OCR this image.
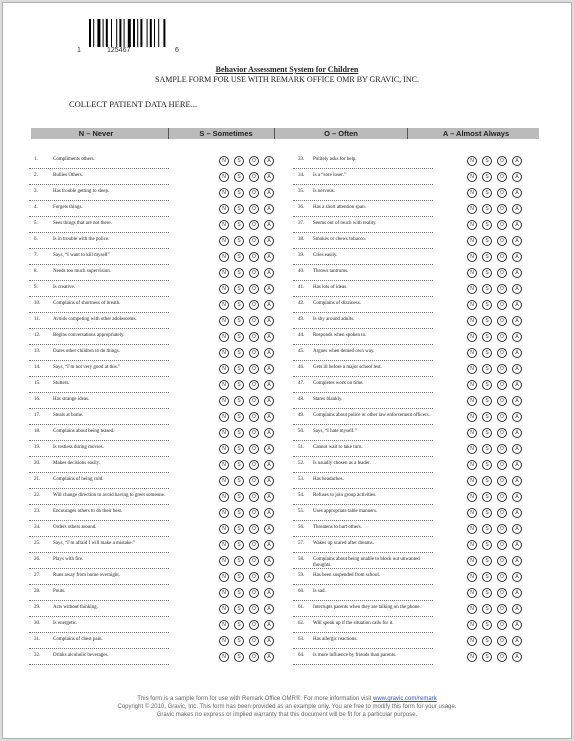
1	125467	6
Behavior Assessment System for Children
SAMPLE FORM FOR USE WITH REMARK OFFICE OMR BY GRAVIC, INC.
COLLECT PATIENT DATA HERE...
N – Never	S – Sometimes	O – Often	A – Almost Always
1.	Compliments others.	N	S	O	A
2.	Bullies Others.	N	S	O	A
3.	Has trouble getting to sleep.	N	S	O	A
4.	Forgets things.	N	S	O	A
5.	Sees things that are not there.	N	S	O	A
6.	Is in trouble with the police.	N	S	O	A
7.	Says, “I want to kill myself”	N	S	O	A
8.	Needs too much supervision.	N	S	O	A
9.	Is creative.	N	S	O	A
10.	Complains of shortness of breath.	N	S	O	A
11.	Avoids competing with other adolescents.	N	S	O	A
12.	Begins conversations appropriately.	N	S	O	A
13.	Dares other children to do things.	N	S	O	A
14.	Says, “I’m not very good at this.”	N	S	O	A
15.	Stutters.	N	S	O	A
16.	Has strange ideas.	N	S	O	A
17.	Steals at home.	N	S	O	A
18.	Complains about being teased.	N	S	O	A
19.	Is restless during movies.	N	S	O	A
20.	Makes decisions easily.	N	S	O	A
21.	Complains of being cold.	N	S	O	A
22.	Will change direction to avoid having to greet someone.	N	S	O	A
23.	Encourages others to do their best.	N	S	O	A
24.	Orders others around.	N	S	O	A
25.	Says, “I’m afraid I will make a mistake.”	N	S	O	A
26.	Plays with fire.	N	S	O	A
27.	Runs away from home overnight.	N	S	O	A
28.	Pouts.	N	S	O	A
29.	Acts without thinking.	N	S	O	A
30.	Is energetic.	N	S	O	A
31.	Complains of chest pain.	N	S	O	A
32.	Drinks alcoholic beverages.	N	S	O	A
33. Politely asks for help.	N	S	O	A
34. Is a “sore loser.”	N	S	O	A
35. Is nervous.	N	S	O	A
36. Has a short attention span.	N	S	O	A
37. Seems out of touch with reality.	N	S	O	A
38. Smokes or chews tobacco.	N	S	O	A
39. Cries easily.	N	S	O	A
40. Throws tantrums.	N	S	O	A
41. Has lots of ideas.	N	S	O	A
42. Complains of dizziness.	N	S	O	A
43. Is shy around adults.	N	S	O	A
44. Responds when spoken to.	N	S	O	A
45. Argues when denied own way.	N	S	O	A
46. Gets ill before a major school test.	N	S	O	A
47. Completes work on time.	N	S	O	A
48. Stares blankly.	N	S	O	A
49. Complains about police or other law enforcement officers.	N	S	O	A
50. Says, “I hate myself.”	N	S	O	A
51. Cannot wait to take turn.	N	S	O	A
52. Is usually chosen as a leader.	N	S	O	A
53. Has headaches.	N	S	O	A
54. Refuses to join group activities.	N	S	O	A
55. Uses appropriate table manners.	N	S	O	A
56. Threatens to hurt others.	N	S	O	A
57. Wakes up scared after dreams.	N	S	O	A
58. Complains about being unable to block out unwanted thoughts.
N	S	O	A
59. Has been suspended from school.	N	S	O	A
60. Is sad.	N	S	O	A
61. Interrupts parents when they are talking on the phone.	N	S	O	A
62. Will speak up if the situation calls for it.	N	S	O	A
63. Has allergic reactions.	N	S	O	A
64. Is more influence by friends than parents.	N	S	O	A
This form is a sample form for use with Remark Office OMR®. For more information visit www.gravic.com/remark
Copyright © 2010, Gravic, Inc. This form has been provided as an example only. You are free to modify this form for your usage.
Gravic makes no express or implied warranty that this document will be fit for a particular purpose.
